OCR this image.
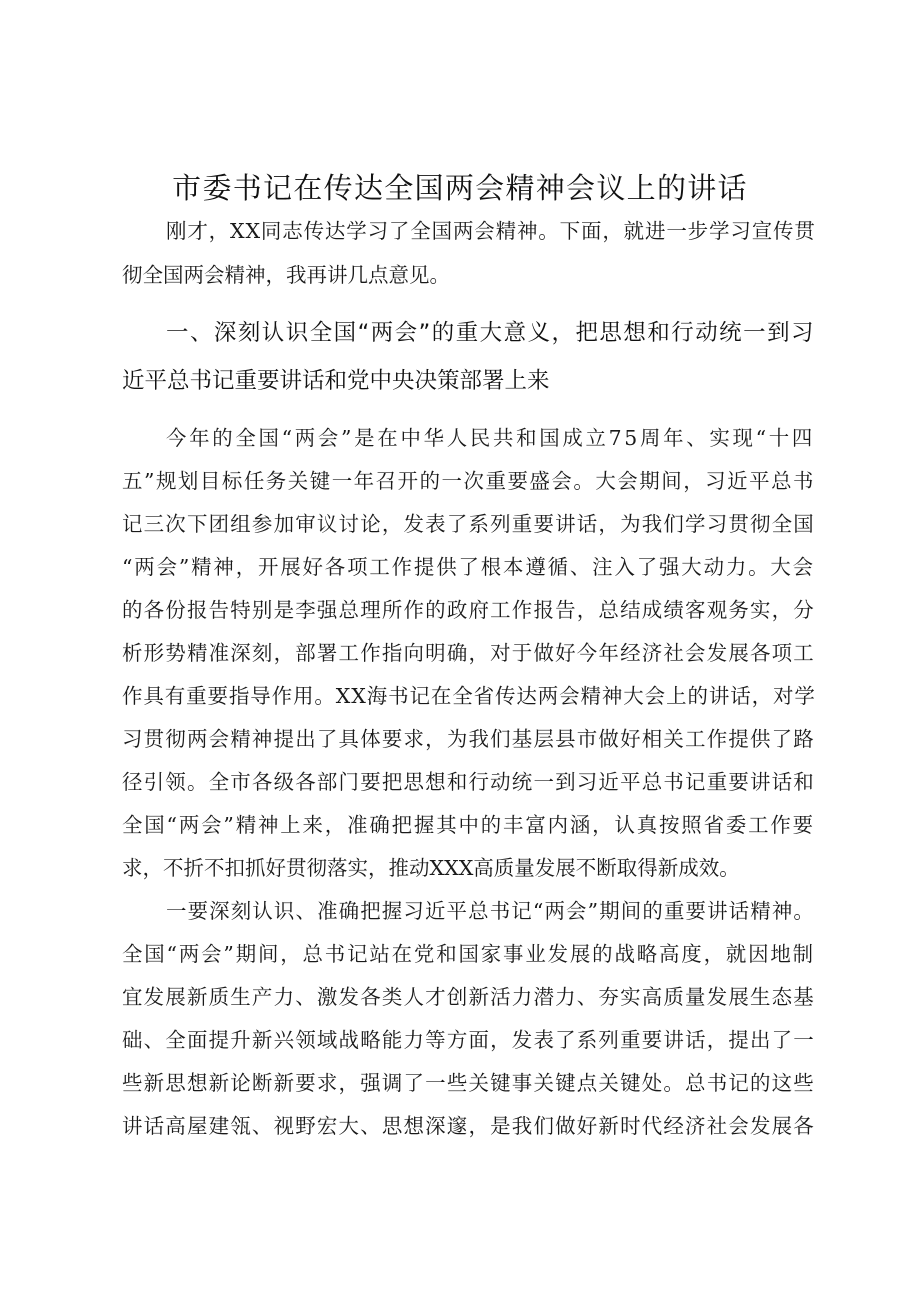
市委书记在传达全国两会精神会议上的讲话
刚才，XX同志传达学习了全国两会精神。下面，就进一步学习宣传贯
彻全国两会精神，我再讲几点意见。
一、深刻认识全国“两会”的重大意义，把思想和行动统一到习
近平总书记重要讲话和党中央决策部署上来
今年的全国“两会”是在中华人民共和国成立75周年、实现“十四
五”规划目标任务关键一年召开的一次重要盛会。大会期间，习近平总书
记三次下团组参加审议讨论，发表了系列重要讲话，为我们学习贯彻全国
“两会”精神，开展好各项工作提供了根本遵循、注入了强大动力。大会
的各份报告特别是李强总理所作的政府工作报告，总结成绩客观务实，分
析形势精准深刻，部署工作指向明确，对于做好今年经济社会发展各项工
作具有重要指导作用。XX海书记在全省传达两会精神大会上的讲话，对学
习贯彻两会精神提出了具体要求，为我们基层县市做好相关工作提供了路
径引领。全市各级各部门要把思想和行动统一到习近平总书记重要讲话和
全国“两会”精神上来，准确把握其中的丰富内涵，认真按照省委工作要
求，不折不扣抓好贯彻落实，推动XXX高质量发展不断取得新成效。
一要深刻认识、准确把握习近平总书记“两会”期间的重要讲话精神。
全国“两会”期间，总书记站在党和国家事业发展的战略高度，就因地制
宜发展新质生产力、激发各类人才创新活力潜力、夯实高质量发展生态基
础、全面提升新兴领域战略能力等方面，发表了系列重要讲话，提出了一
些新思想新论断新要求，强调了一些关键事关键点关键处。总书记的这些
讲话高屋建瓴、视野宏大、思想深邃，是我们做好新时代经济社会发展各
